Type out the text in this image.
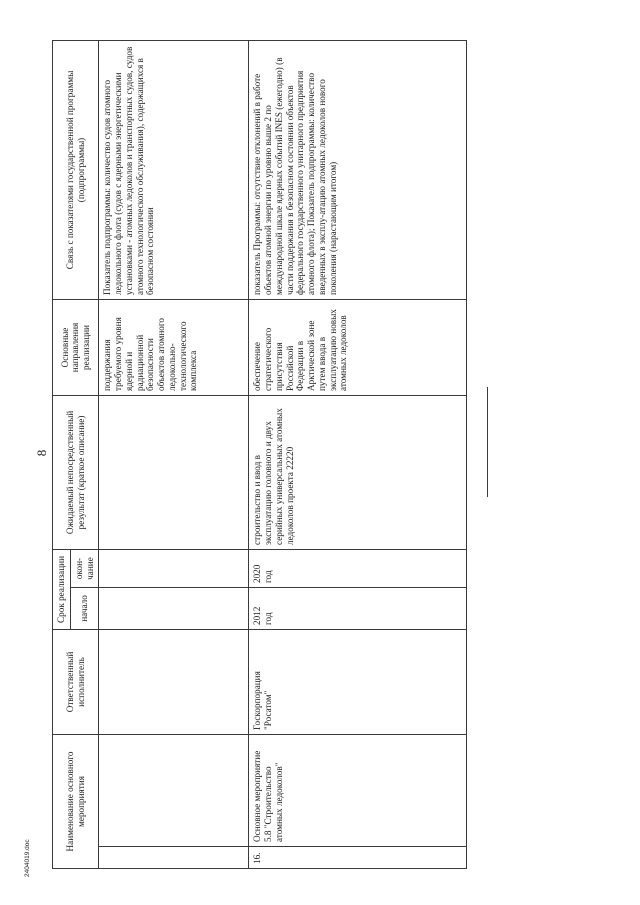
2404019.doc
8
Наименование основного мероприятия		Ответственный исполнитель	Срок реализации		Ожидаемый непосредственный результат (краткое описание)	Основные направления реализации	Связь с показателями государственной программы (подпрограммы)
			начало	окон-чание			
						поддержания требуемого уровня ядерной и радиационной безопасности объектов атомного ледокольно-технологического комплекса	Показатель подпрограммы: количество судов атомного ледокольного флота (судов с ядерными энергетическими установками - атомных ледоколов и транспортных судов, судов атомного технологического обслуживания), содержащихся в безопасном состоянии
16.	Основное мероприятие 5.8 "Строительство атомных ледоколов"	Госкорпорация "Росатом"	2012 год	2020 год	строительство и ввод в эксплуатацию головного и двух серийных универсальных атомных ледоколов проекта 22220	обеспечение стратегического присутствия Российской Федерации в Арктической зоне путем ввода в эксплуатацию новых атомных ледоколов	показатель Программы: отсутствие отклонений в работе объектов атомной энергии по уровню выше 2 по международной шкале ядерных событий INES (ежегодно) (в части поддержания в безопасном состоянии объектов федерального государственного унитарного предприятия атомного флота); Показатель подпрограммы: количество введенных в эксплу-атацию атомных ледоколов нового поколения (нарастающим итогом)
